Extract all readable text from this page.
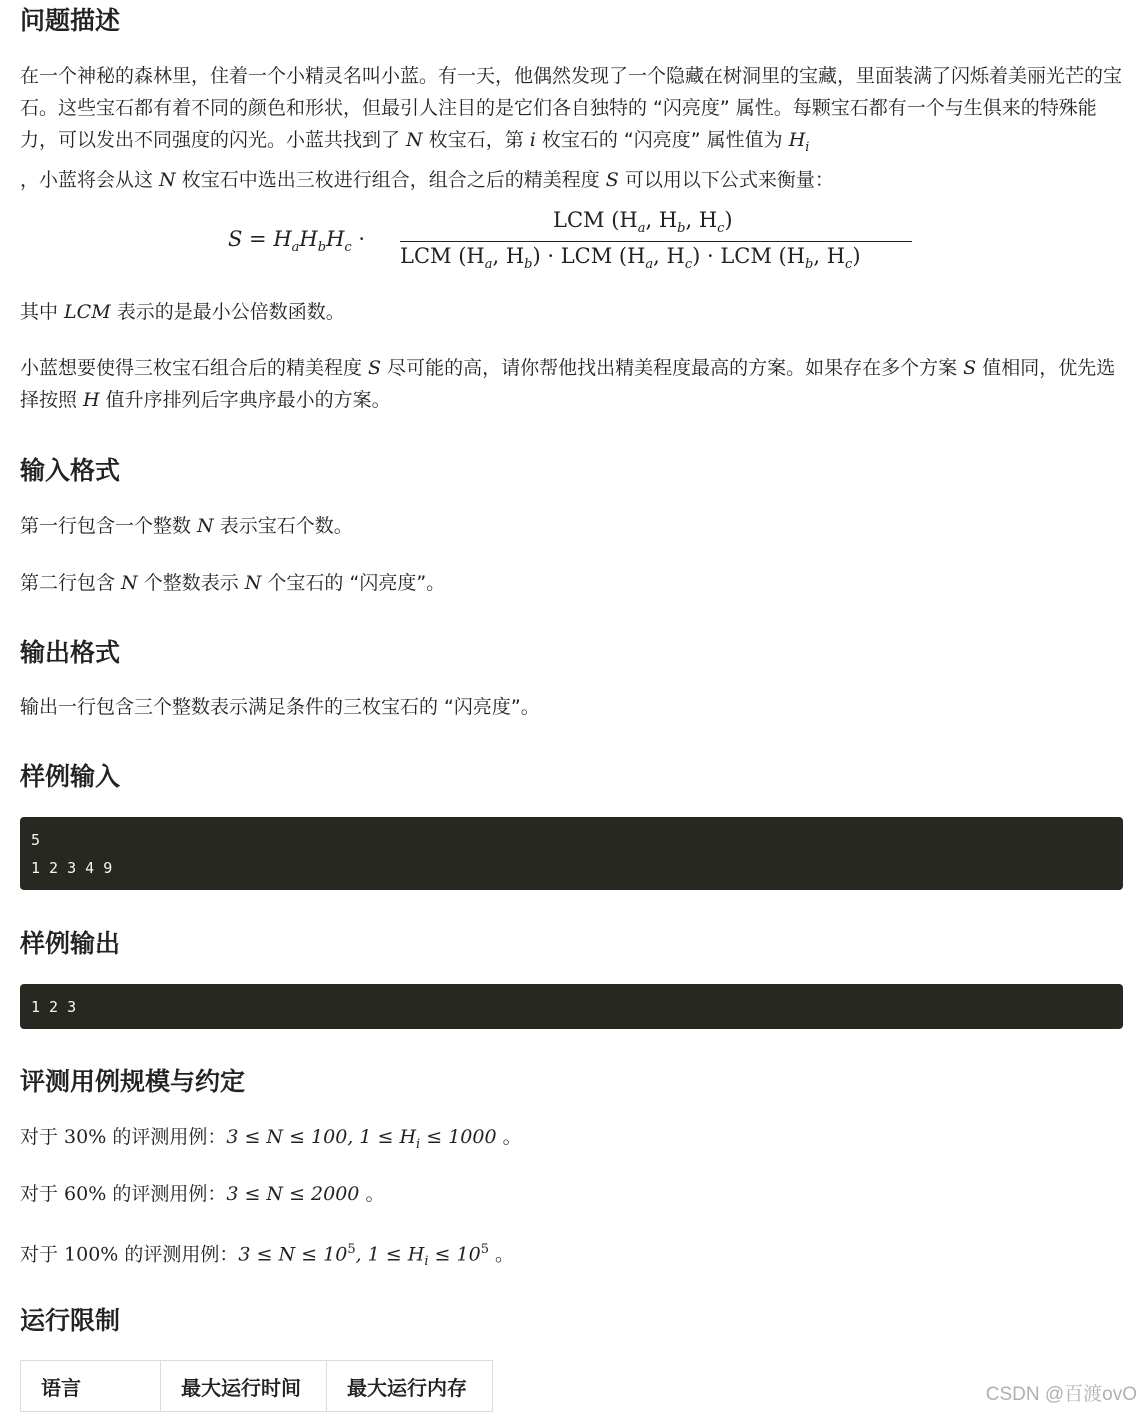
问题描述

在一个神秘的森林里，住着一个小精灵名叫小蓝。有一天，他偶然发现了一个隐藏在树洞里的宝藏，里面装满了闪烁着美丽光芒的宝石。这些宝石都有着不同的颜色和形状，但最引人注目的是它们各自独特的 “闪亮度” 属性。每颗宝石都有一个与生俱来的特殊能力，可以发出不同强度的闪光。小蓝共找到了 N 枚宝石，第 i 枚宝石的 “闪亮度” 属性值为 $H_i$
，小蓝将会从这 N 枚宝石中选出三枚进行组合，组合之后的精美程度 S 可以用以下公式来衡量：

$S = H_aH_bH_c$ ·
LCM ($H_a$, $H_b$, $H_c$)
LCM ($H_a$, $H_b$) · LCM ($H_a$, $H_c$) · LCM ($H_b$, $H_c$)

其中 LCM 表示的是最小公倍数函数。

小蓝想要使得三枚宝石组合后的精美程度 S 尽可能的高，请你帮他找出精美程度最高的方案。如果存在多个方案 S 值相同，优先选择按照 H 值升序排列后字典序最小的方案。

输入格式

第一行包含一个整数 N 表示宝石个数。

第二行包含 N 个整数表示 N 个宝石的 “闪亮度”。

输出格式

输出一行包含三个整数表示满足条件的三枚宝石的 “闪亮度”。

样例输入
5
1 2 3 4 9
样例输出
1 2 3
评测用例规模与约定

对于 30% 的评测用例：3 ≤ N ≤ 100, $1 \le H_i \le 1000$ 。

对于 60% 的评测用例：3 ≤ N ≤ 2000 。

对于 100% 的评测用例：$3 \le N \le 10^5$, $1 \le H_i \le 10^5$ 。

运行限制
语言	最大运行时间	最大运行内存	CSDN @百渡ovO
